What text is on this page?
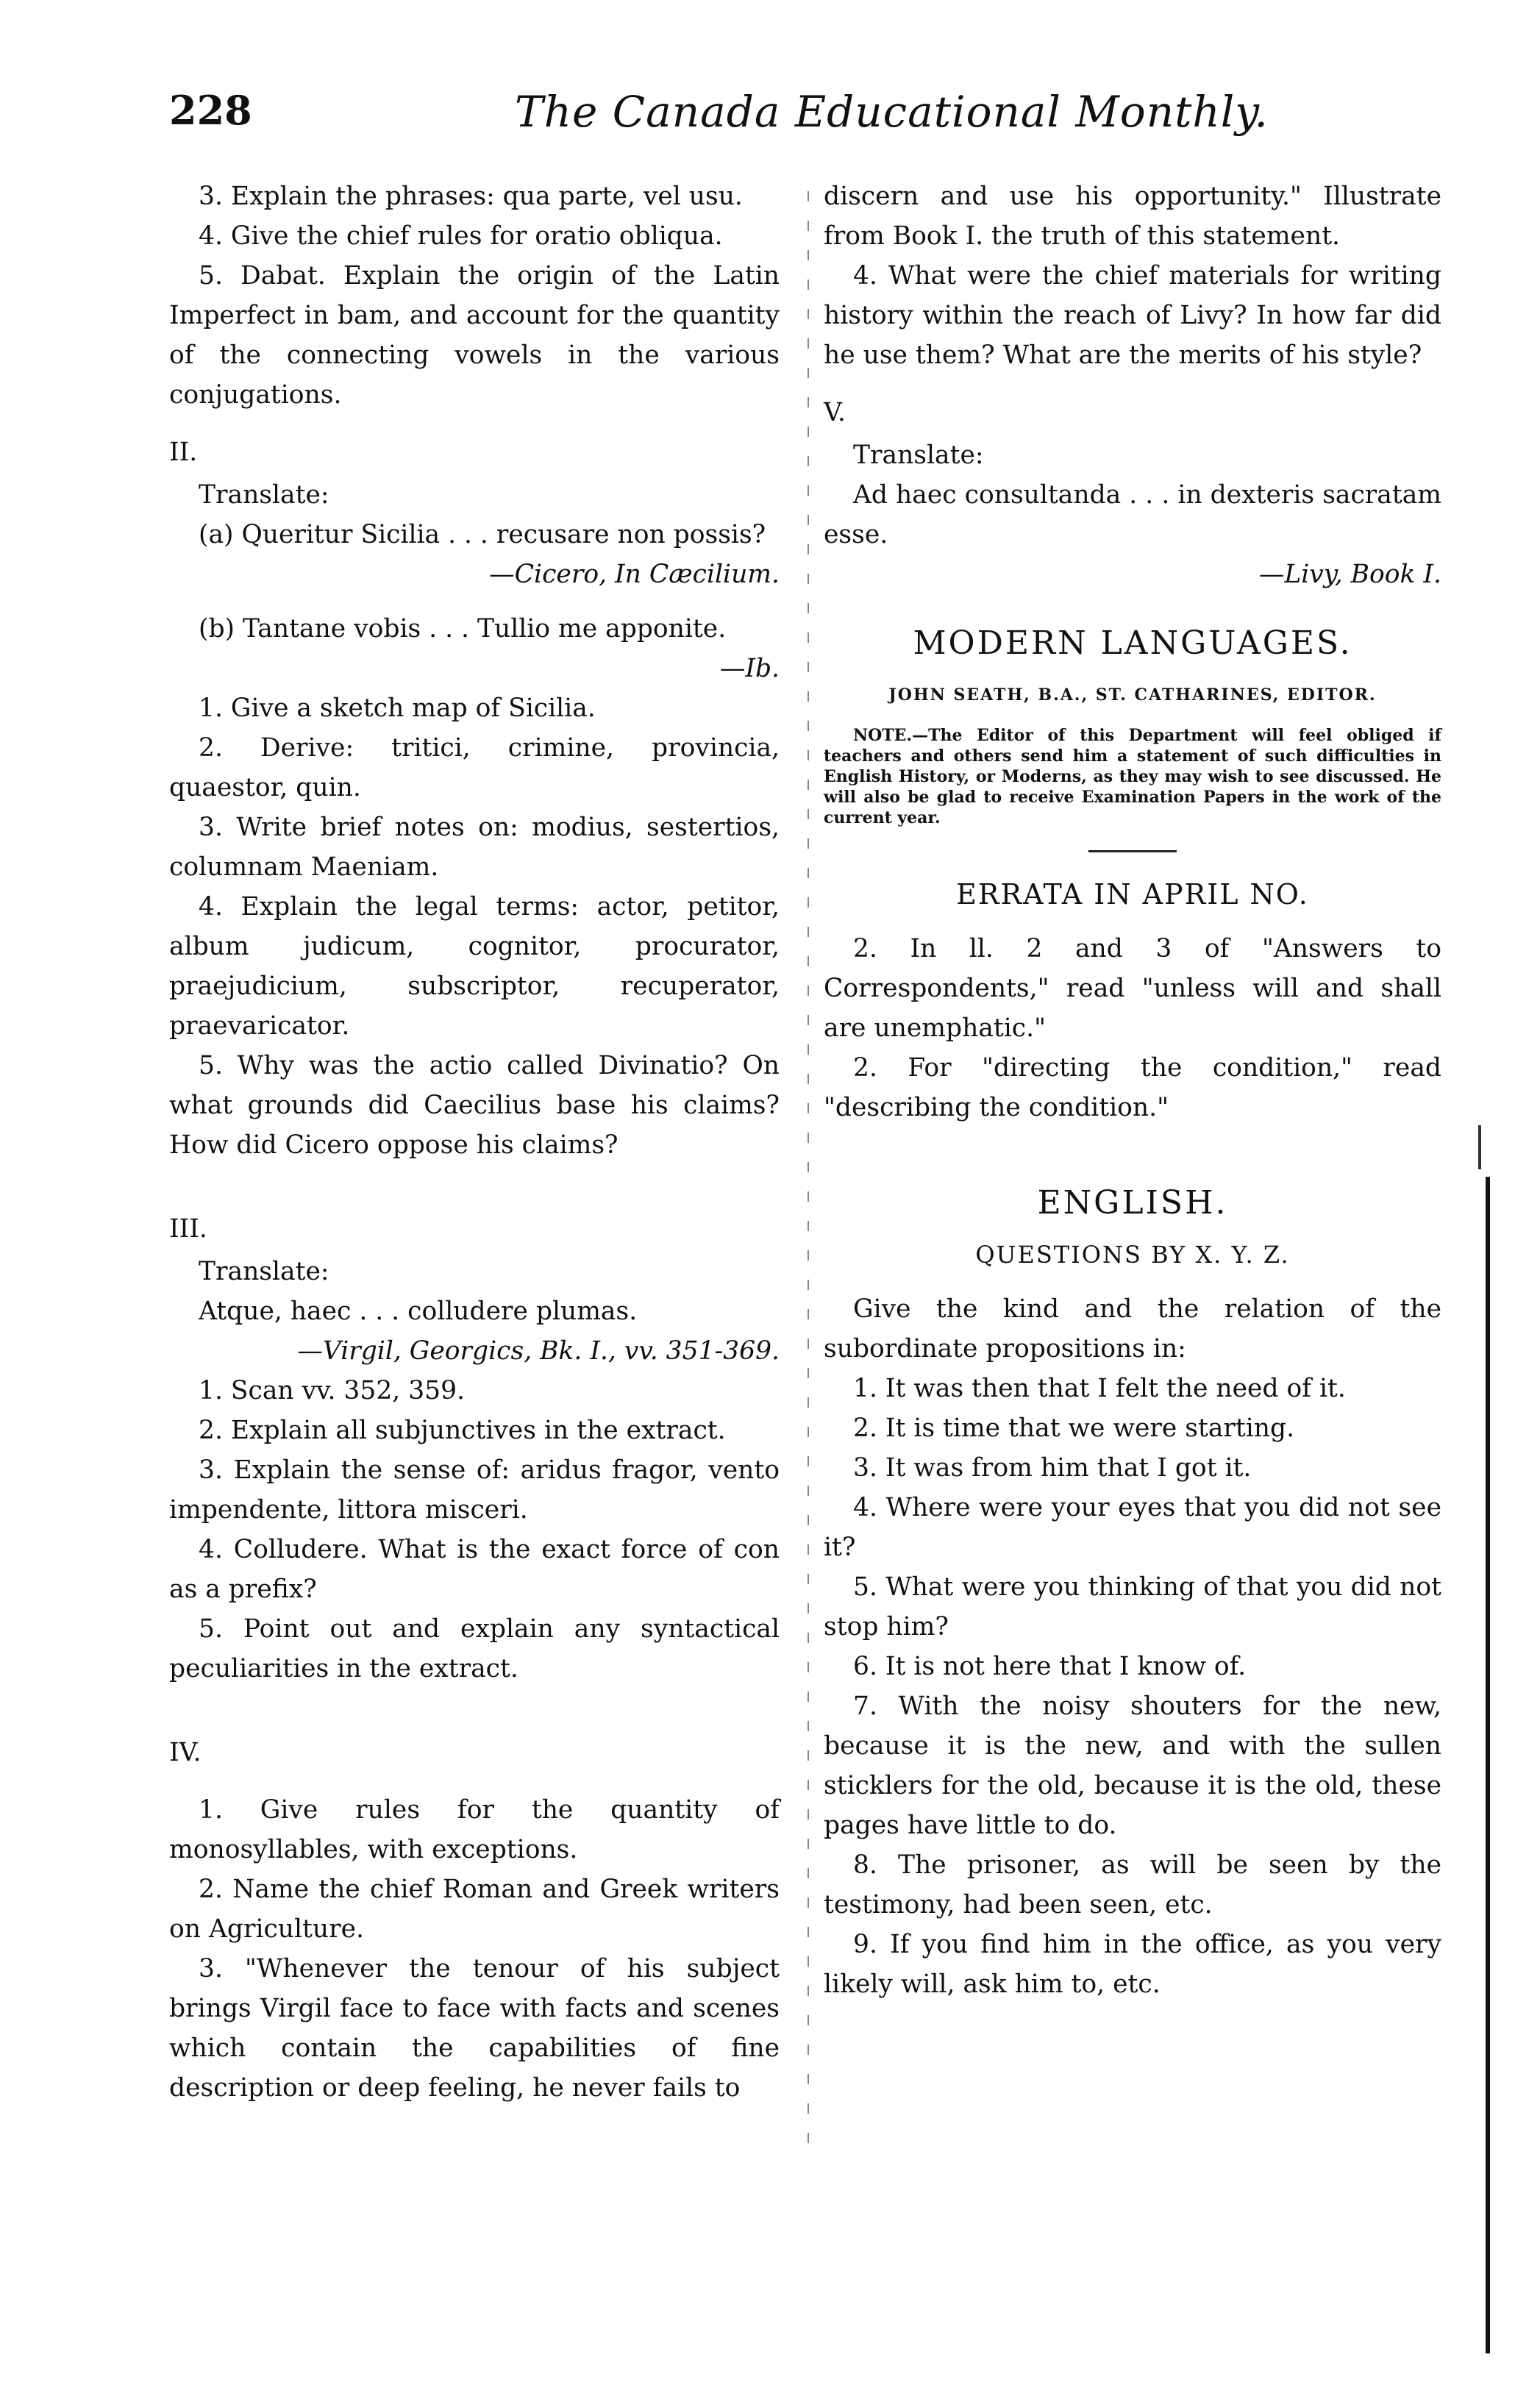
228	The Canada Educational Monthly.

3. Explain the phrases: qua parte, vel usu.

4. Give the chief rules for oratio obliqua.

5. Dabat. Explain the origin of the Latin Imperfect in bam, and account for the quantity of the connecting vowels in the various conjugations.

II.

Translate:

(a) Queritur Sicilia . . . recusare non possis?

—Cicero, In Cæcilium.

(b) Tantane vobis . . . Tullio me apponite.

—Ib.

1. Give a sketch map of Sicilia.

2. Derive: tritici, crimine, provincia, quaestor, quin.

3. Write brief notes on: modius, sestertios, columnam Maeniam.

4. Explain the legal terms: actor, petitor, album judicum, cognitor, procurator, praejudicium, subscriptor, recuperator, praevaricator.

5. Why was the actio called Divinatio? On what grounds did Caecilius base his claims? How did Cicero oppose his claims?

III.

Translate:

Atque, haec . . . colludere plumas.

—Virgil, Georgics, Bk. I., vv. 351-369.

1. Scan vv. 352, 359.

2. Explain all subjunctives in the extract.

3. Explain the sense of: aridus fragor, vento impendente, littora misceri.

4. Colludere. What is the exact force of con as a prefix?

5. Point out and explain any syntactical peculiarities in the extract.

IV.

1. Give rules for the quantity of monosyllables, with exceptions.

2. Name the chief Roman and Greek writers on Agriculture.

3. "Whenever the tenour of his subject brings Virgil face to face with facts and scenes which contain the capabilities of fine description or deep feeling, he never fails to

discern and use his opportunity." Illustrate from Book I. the truth of this statement.

4. What were the chief materials for writing history within the reach of Livy? In how far did he use them? What are the merits of his style?

V.

Translate:

Ad haec consultanda . . . in dexteris sacratam esse.

—Livy, Book I.

MODERN LANGUAGES.

JOHN SEATH, B.A., ST. CATHARINES, EDITOR.

NOTE.—The Editor of this Department will feel obliged if teachers and others send him a statement of such difficulties in English History, or Moderns, as they may wish to see discussed. He will also be glad to receive Examination Papers in the work of the current year.

ERRATA IN APRIL NO.

2. In ll. 2 and 3 of "Answers to Correspondents," read "unless will and shall are unemphatic."

2. For "directing the condition," read "describing the condition."

ENGLISH.

QUESTIONS BY X. Y. Z.

Give the kind and the relation of the subordinate propositions in:

1. It was then that I felt the need of it.

2. It is time that we were starting.

3. It was from him that I got it.

4. Where were your eyes that you did not see it?

5. What were you thinking of that you did not stop him?

6. It is not here that I know of.

7. With the noisy shouters for the new, because it is the new, and with the sullen sticklers for the old, because it is the old, these pages have little to do.

8. The prisoner, as will be seen by the testimony, had been seen, etc.

9. If you find him in the office, as you very likely will, ask him to, etc.
